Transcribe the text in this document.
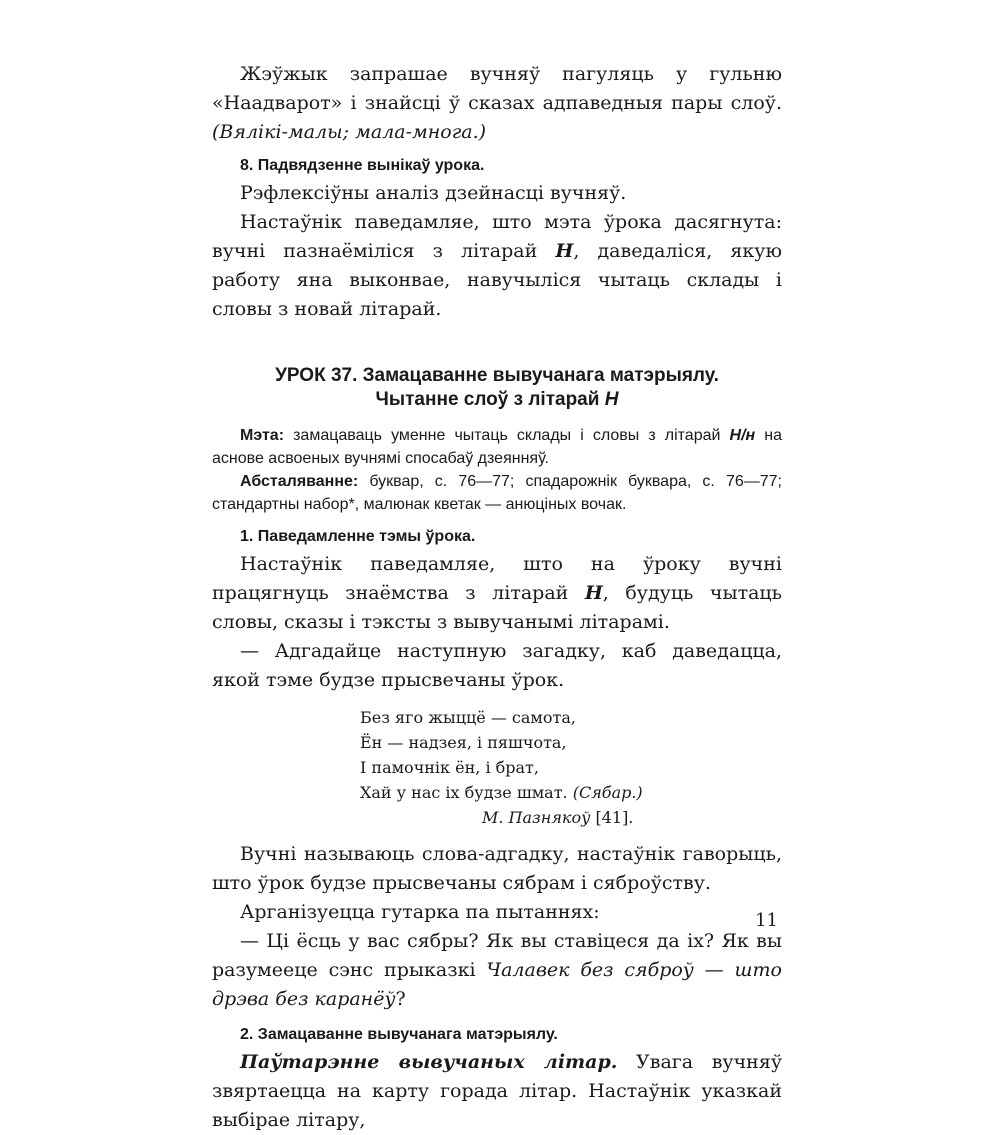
Жэўжык запрашае вучняў пагуляць у гульню «Наадварот» і знайсці ў сказах адпаведныя пары слоў. (Вялікі-малы; мала-многа.)

8. Падвядзенне вынікаў урока.

Рэфлексіўны аналіз дзейнасці вучняў.

Настаўнік паведамляе, што мэта ўрока дасягнута: вучні пазнаёміліся з літарай Н, даведаліся, якую работу яна выконвае, навучыліся чытаць склады і словы з новай літарай.

УРОК 37. Замацаванне вывучанага матэрыялу.
Чытанне слоў з літарай Н

Мэта: замацаваць уменне чытаць склады і словы з літарай Н/н на аснове асвоеных вучнямі спосабаў дзеянняў.

Абсталяванне: буквар, с. 76—77; спадарожнік буквара, с. 76—77; стандартны набор*, малюнак кветак — анюціных вочак.

1. Паведамленне тэмы ўрока.

Настаўнік паведамляе, што на ўроку вучні працягнуць знаёмства з літарай Н, будуць чытаць словы, сказы і тэксты з вывучанымі літарамі.

— Адгадайце наступную загадку, каб даведацца, якой тэме будзе прысвечаны ўрок.

Без яго жыццё — самота,
Ён — надзея, і пяшчота,
І памочнік ён, і брат,
Хай у нас іх будзе шмат. (Сябар.)
М. Пазнякоў [41].

Вучні называюць слова-адгадку, настаўнік гаворыць, што ўрок будзе прысвечаны сябрам і сяброўству.

Арганізуецца гутарка па пытаннях:

— Ці ёсць у вас сябры? Як вы ставіцеся да іх? Як вы разумееце сэнс прыказкі Чалавек без сяброў — што дрэва без каранёў?

2. Замацаванне вывучанага матэрыялу.

Паўтарэнне вывучаных літар. Увага вучняў звяртаецца на карту горада літар. Настаўнік указкай выбірае літару,

11
